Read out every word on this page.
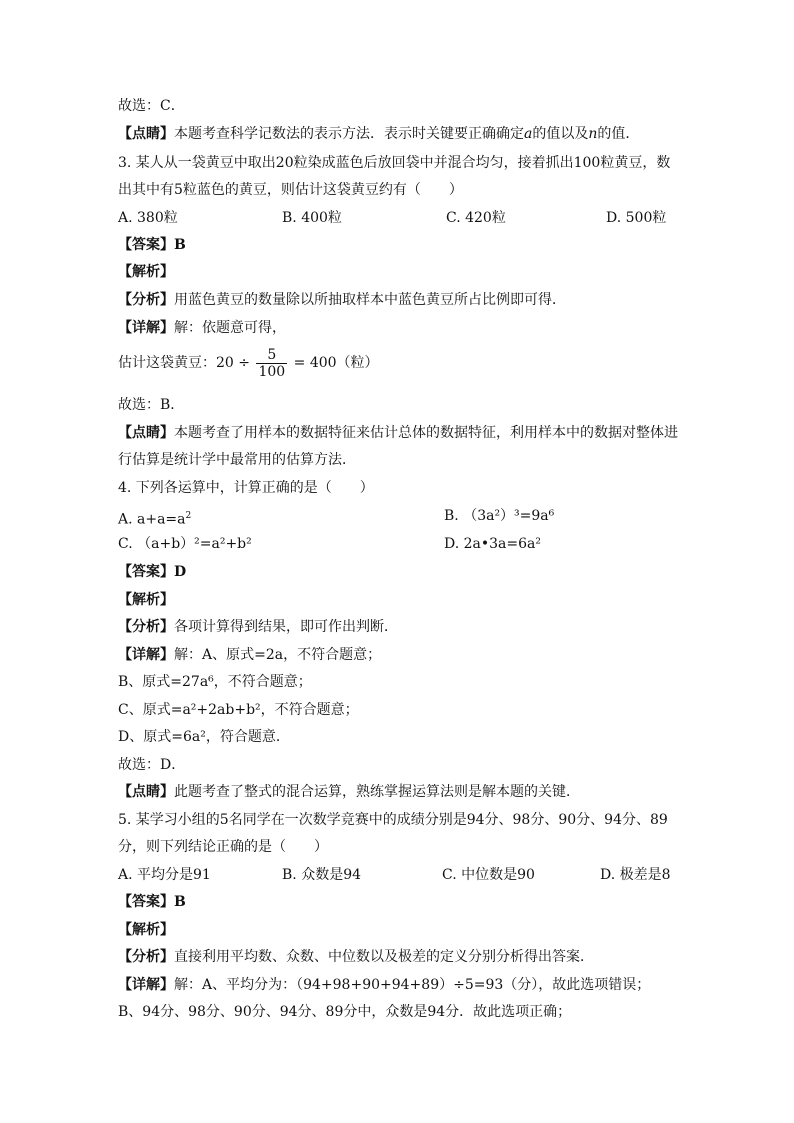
故选：C．
【点睛】本题考查科学记数法的表示方法．表示时关键要正确确定a的值以及n的值．
3. 某人从一袋黄豆中取出20粒染成蓝色后放回袋中并混合均匀，接着抓出100粒黄豆，数
出其中有5粒蓝色的黄豆，则估计这袋黄豆约有（　　）
A. 380粒	B. 400粒	C. 420粒	D. 500粒
【答案】B
【解析】
【分析】用蓝色黄豆的数量除以所抽取样本中蓝色黄豆所占比例即可得．
【详解】解：依题意可得，
估计这袋黄豆：$20 \div \frac{5}{100} = 400$（粒）
故选：B．
【点睛】本题考查了用样本的数据特征来估计总体的数据特征，利用样本中的数据对整体进
行估算是统计学中最常用的估算方法．
4. 下列各运算中，计算正确的是（　　）
A. $a+a=a^2$	B. （3a²）³=9a⁶
C. （a+b）²=a²+b²	D. 2a•3a=6a²
【答案】D
【解析】
【分析】各项计算得到结果，即可作出判断．
【详解】解：A、原式=2a，不符合题意；
B、原式=27a⁶，不符合题意；
C、原式=a²+2ab+b²，不符合题意；
D、原式=6a²，符合题意．
故选：D．
【点睛】此题考查了整式的混合运算，熟练掌握运算法则是解本题的关键．
5. 某学习小组的5名同学在一次数学竞赛中的成绩分别是94分、98分、90分、94分、89
分，则下列结论正确的是（　　）
A. 平均分是91	B. 众数是94	C. 中位数是90	D. 极差是8
【答案】B
【解析】
【分析】直接利用平均数、众数、中位数以及极差的定义分别分析得出答案．
【详解】解：A、平均分为：（94+98+90+94+89）÷5=93（分），故此选项错误；
B、94分、98分、90分、94分、89分中，众数是94分．故此选项正确；
